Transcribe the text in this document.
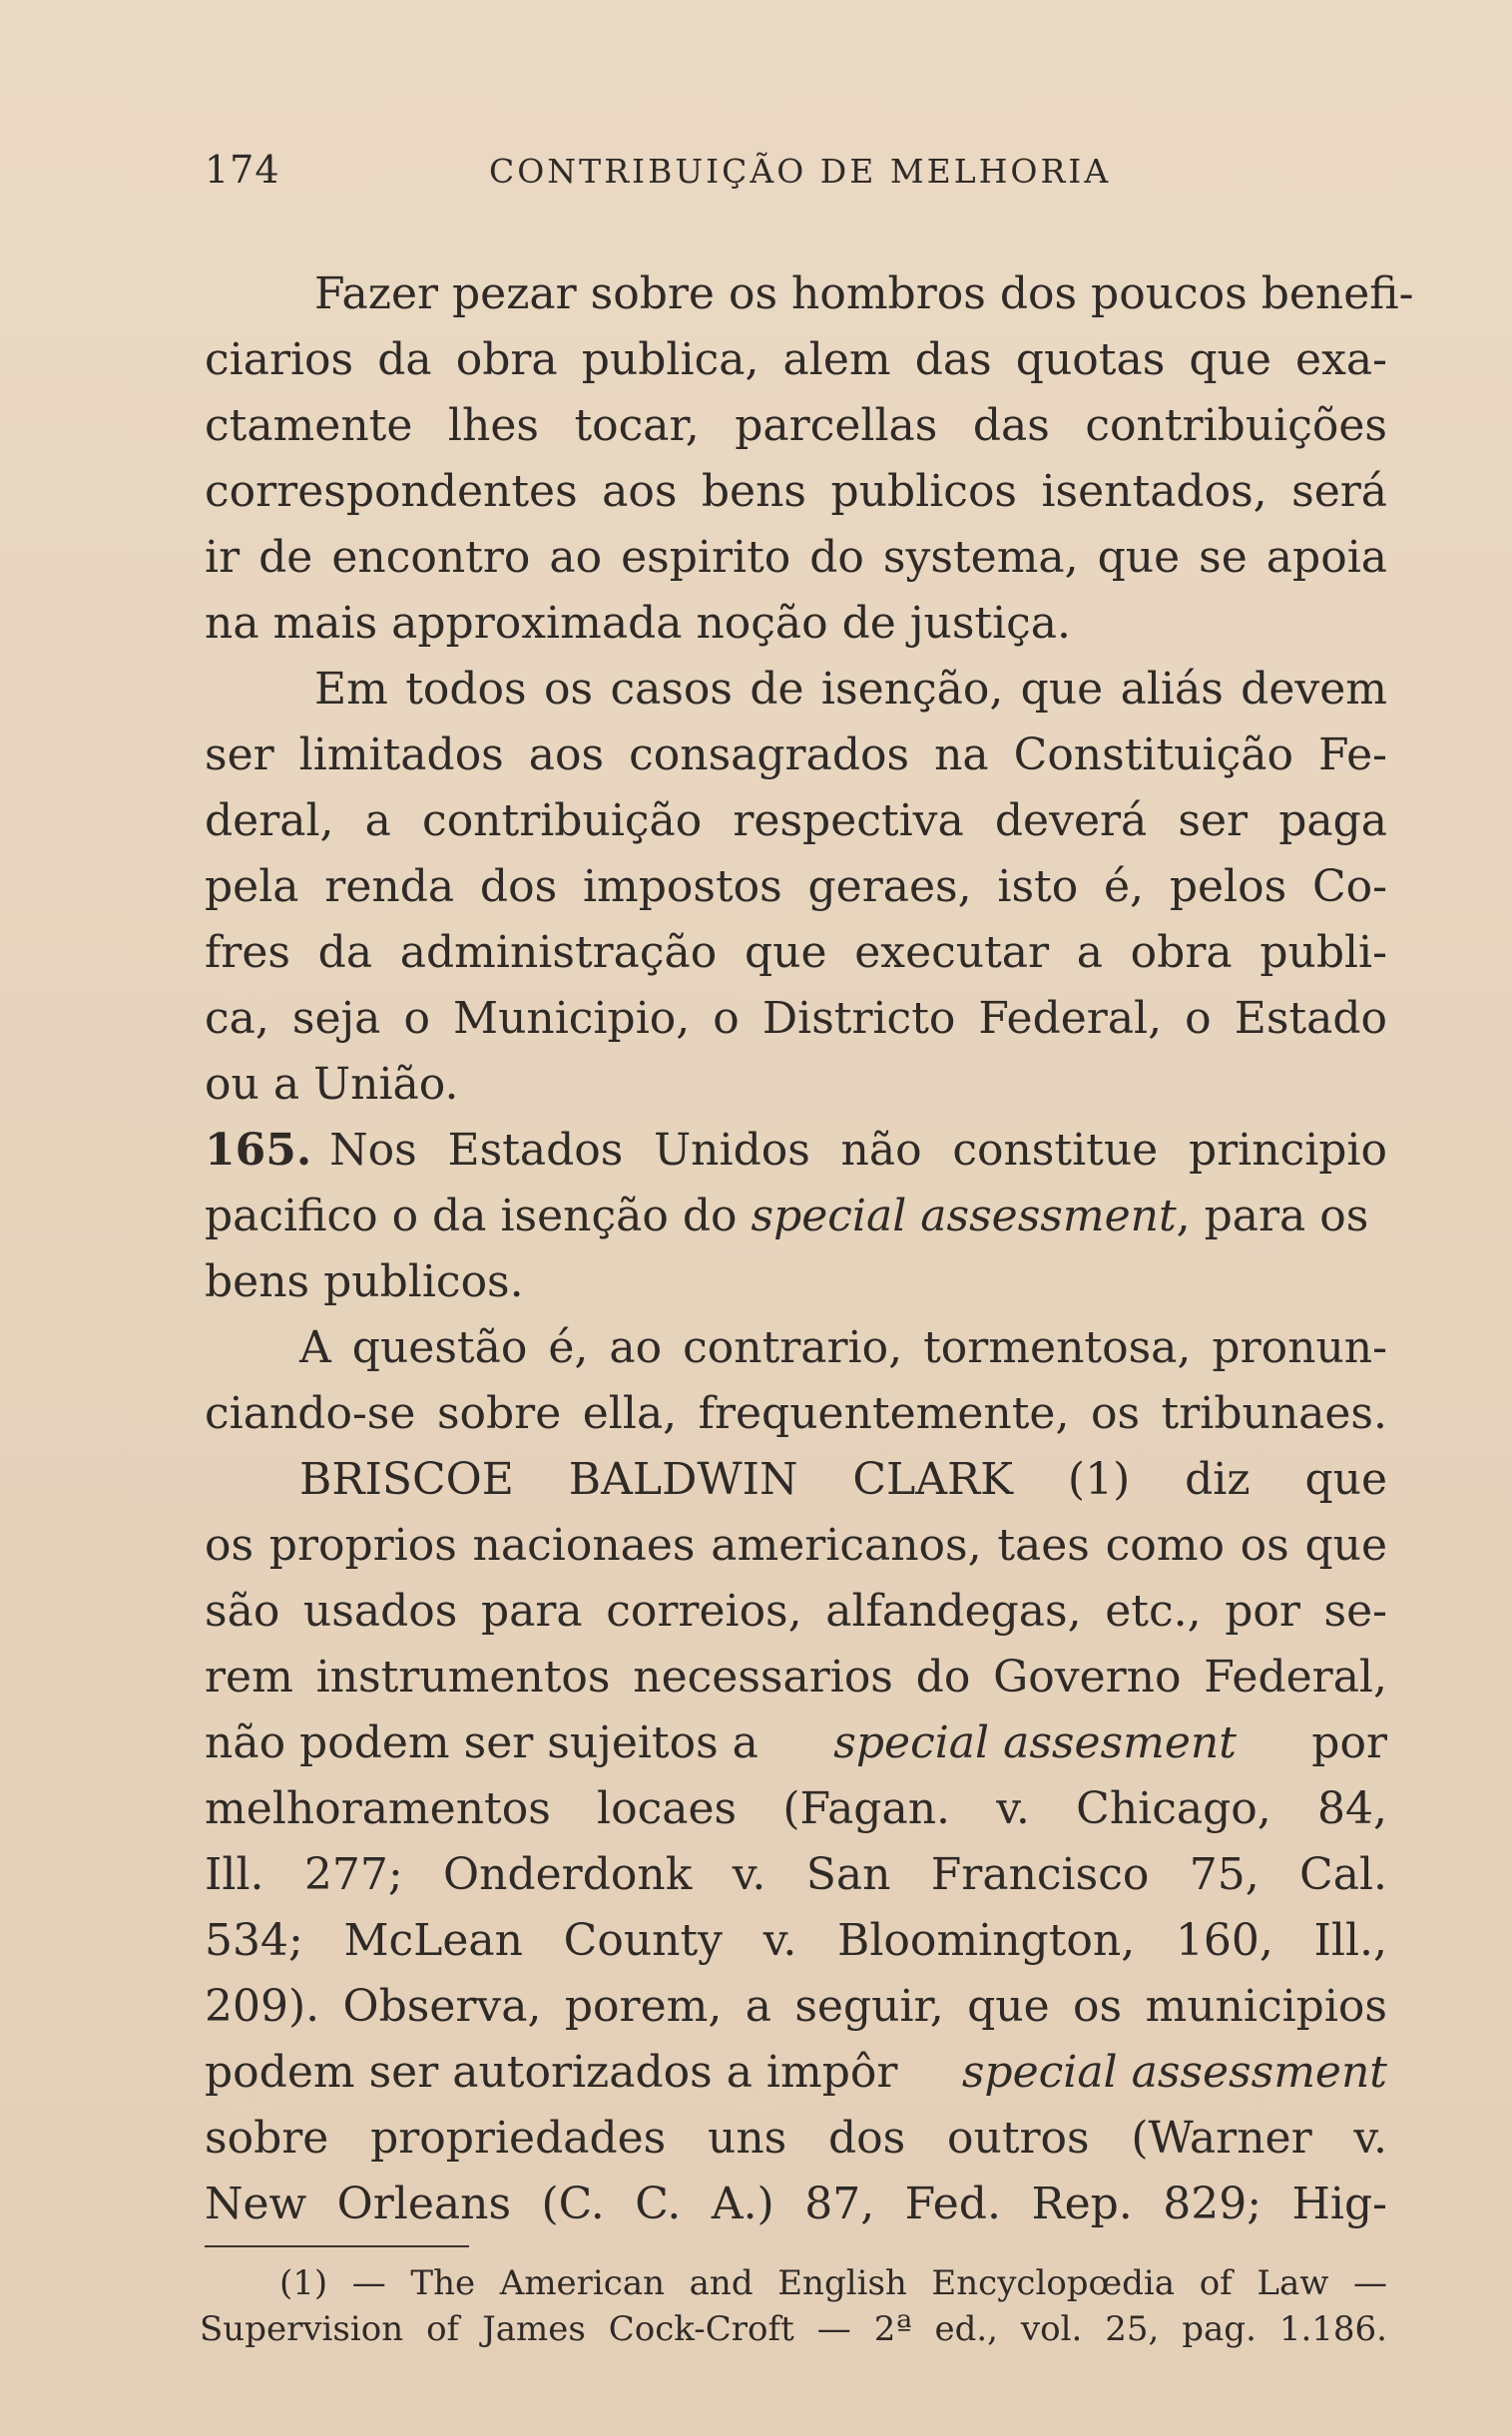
174	CONTRIBUIÇÃO DE MELHORIA
Fazer pezar sobre os hombros dos poucos benefi-
ciarios da obra publica, alem das quotas que exa-
ctamente lhes tocar, parcellas das contribuições
correspondentes aos bens publicos isentados, será
ir de encontro ao espirito do systema, que se apoia
na mais approximada noção de justiça.
Em todos os casos de isenção, que aliás devem
ser limitados aos consagrados na Constituição Fe-
deral, a contribuição respectiva deverá ser paga
pela renda dos impostos geraes, isto é, pelos Co-
fres da administração que executar a obra publi-
ca, seja o Municipio, o Districto Federal, o Estado
ou a União.
165. Nos Estados Unidos não constitue principio
pacifico o da isenção do special assessment, para os
bens publicos.
A questão é, ao contrario, tormentosa, pronun-
ciando-se sobre ella, frequentemente, os tribunaes.
BRISCOE BALDWIN CLARK (1) diz que
os proprios nacionaes americanos, taes como os que
são usados para correios, alfandegas, etc., por se-
rem instrumentos necessarios do Governo Federal,
não podem ser sujeitos a special assesment por
melhoramentos locaes (Fagan. v. Chicago, 84,
Ill. 277; Onderdonk v. San Francisco 75, Cal.
534; McLean County v. Bloomington, 160, Ill.,
209). Observa, porem, a seguir, que os municipios
podem ser autorizados a impôr special assessment
sobre propriedades uns dos outros (Warner v.
New Orleans (C. C. A.) 87, Fed. Rep. 829; Hig-
(1) — The American and English Encyclopœdia of Law —
Supervision of James Cock-Croft — 2ª ed., vol. 25, pag. 1.186.
